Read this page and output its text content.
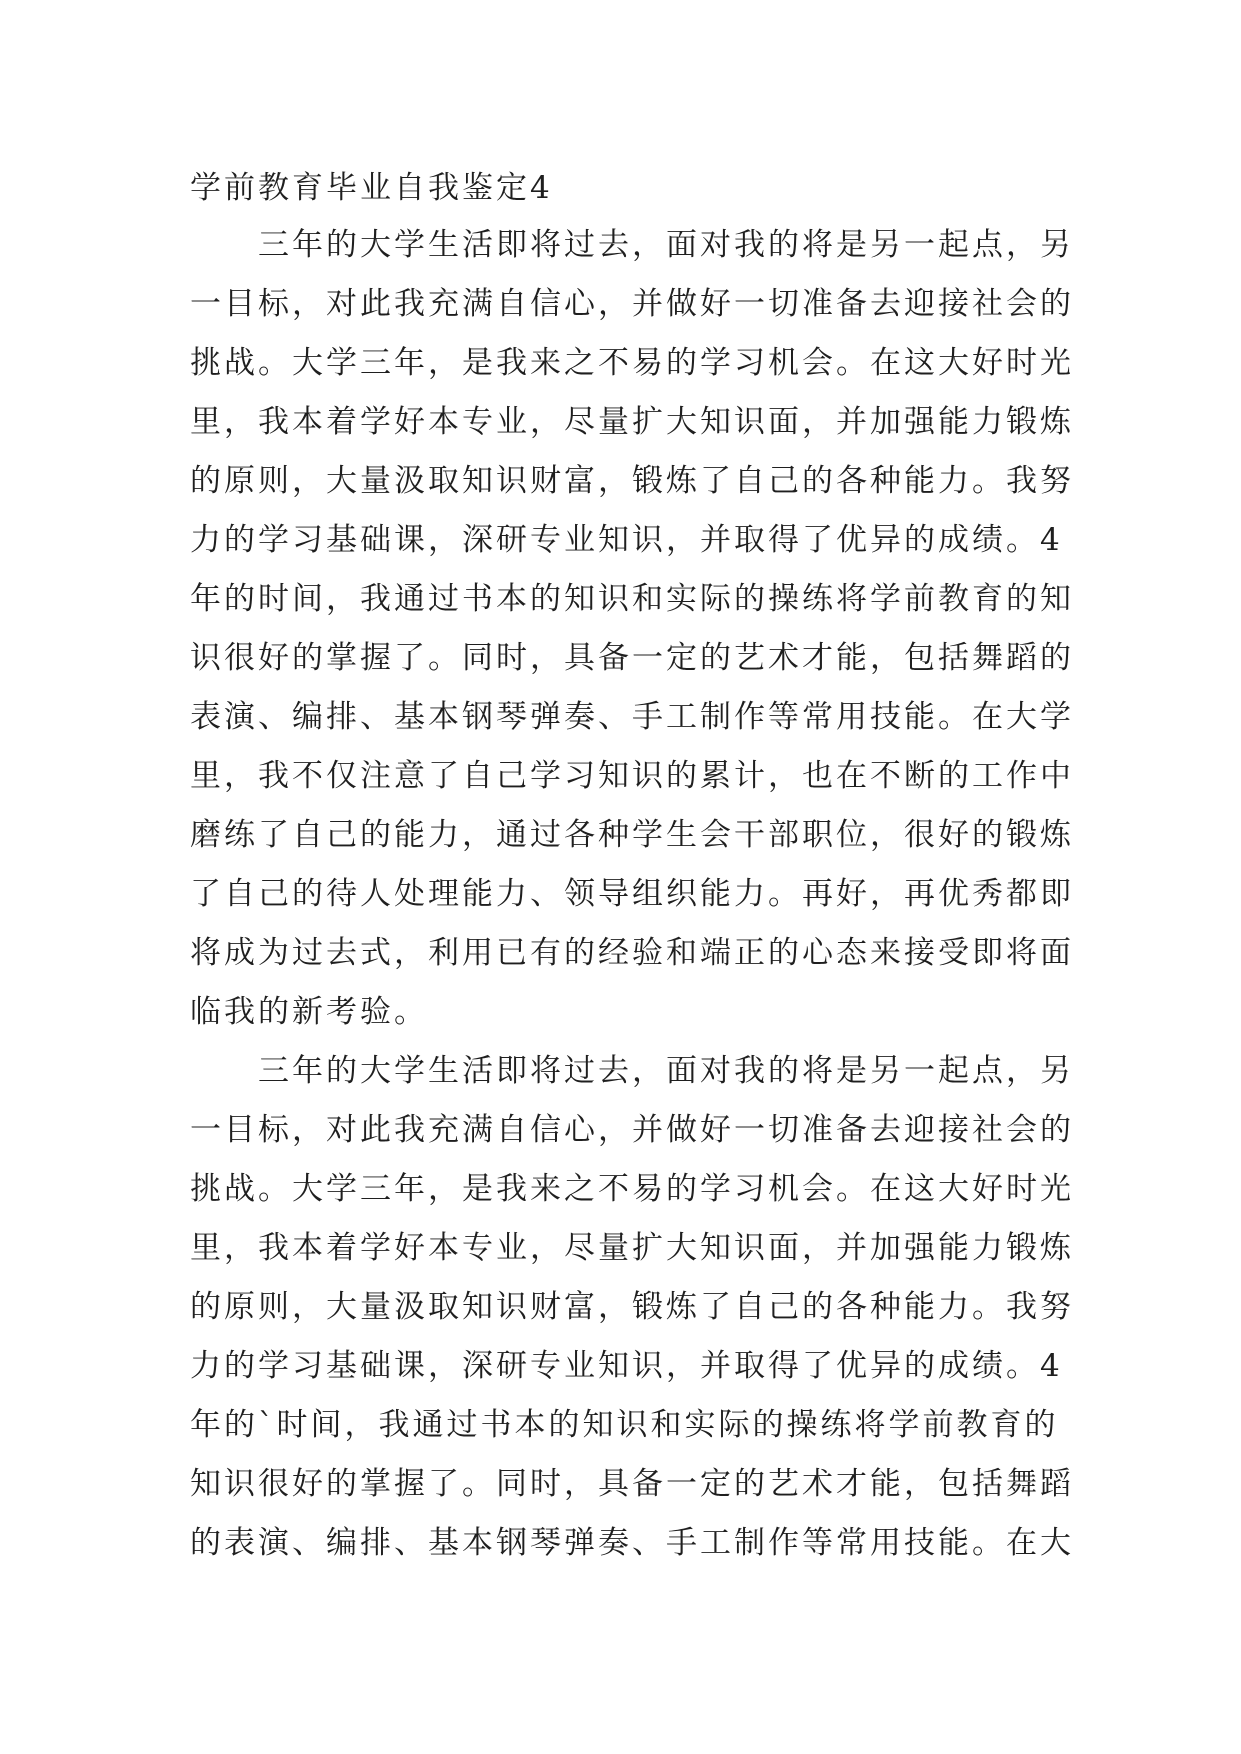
学前教育毕业自我鉴定4
三年的大学生活即将过去，面对我的将是另一起点，另
一目标，对此我充满自信心，并做好一切准备去迎接社会的
挑战。大学三年，是我来之不易的学习机会。在这大好时光
里，我本着学好本专业，尽量扩大知识面，并加强能力锻炼
的原则，大量汲取知识财富，锻炼了自己的各种能力。我努
力的学习基础课，深研专业知识，并取得了优异的成绩。4
年的时间，我通过书本的知识和实际的操练将学前教育的知
识很好的掌握了。同时，具备一定的艺术才能，包括舞蹈的
表演、编排、基本钢琴弹奏、手工制作等常用技能。在大学
里，我不仅注意了自己学习知识的累计，也在不断的工作中
磨练了自己的能力，通过各种学生会干部职位，很好的锻炼
了自己的待人处理能力、领导组织能力。再好，再优秀都即
将成为过去式，利用已有的经验和端正的心态来接受即将面
临我的新考验。
三年的大学生活即将过去，面对我的将是另一起点，另
一目标，对此我充满自信心，并做好一切准备去迎接社会的
挑战。大学三年，是我来之不易的学习机会。在这大好时光
里，我本着学好本专业，尽量扩大知识面，并加强能力锻炼
的原则，大量汲取知识财富，锻炼了自己的各种能力。我努
力的学习基础课，深研专业知识，并取得了优异的成绩。4
年的`时间，我通过书本的知识和实际的操练将学前教育的
知识很好的掌握了。同时，具备一定的艺术才能，包括舞蹈
的表演、编排、基本钢琴弹奏、手工制作等常用技能。在大
